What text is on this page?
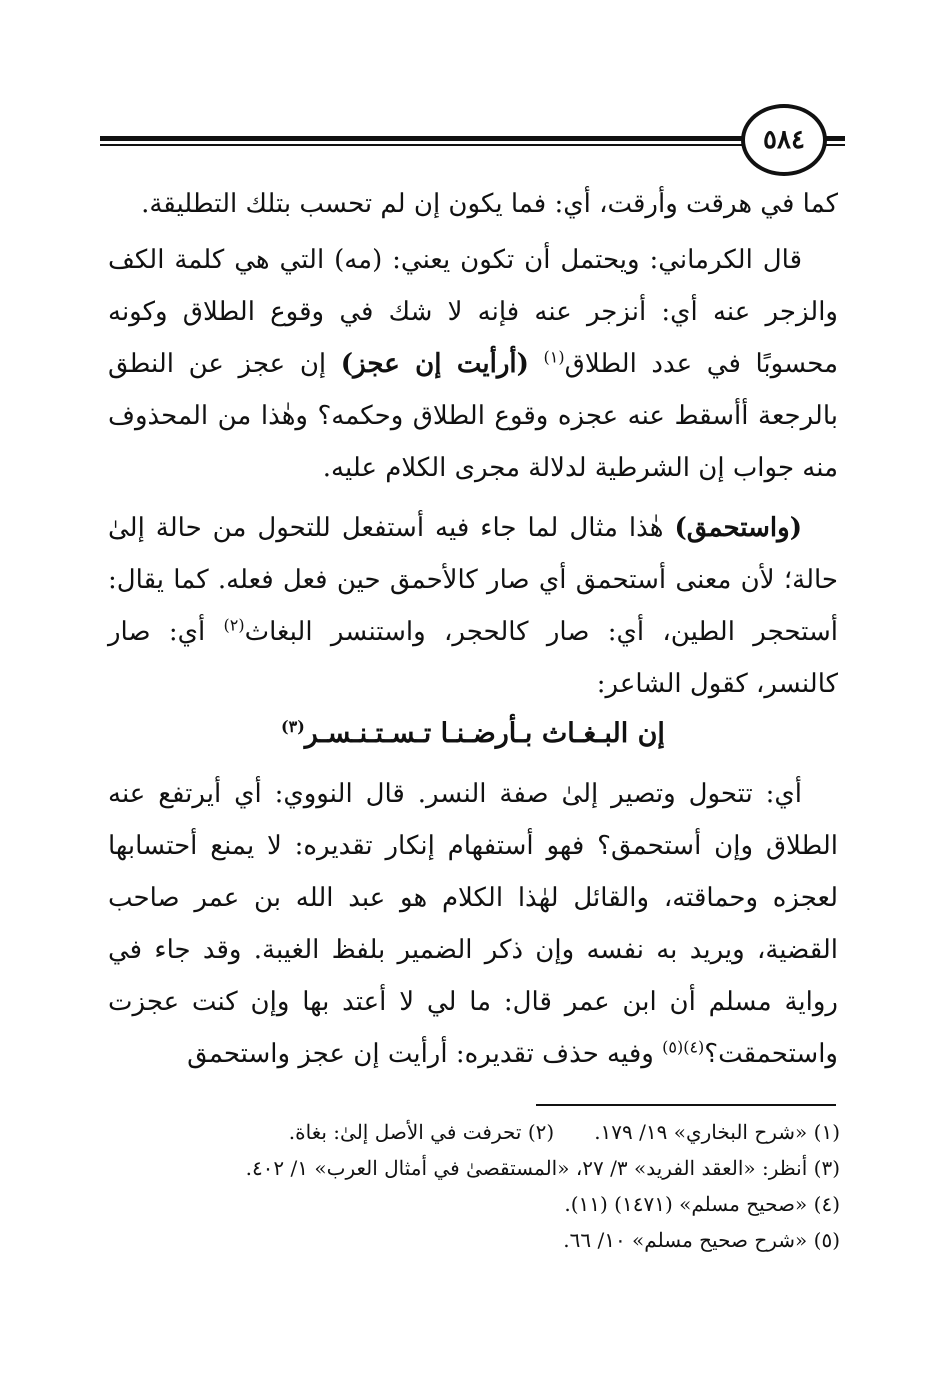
٥٨٤

كما في هرقت وأرقت، أي: فما يكون إن لم تحسب بتلك التطليقة.

قال الكرماني: ويحتمل أن تكون يعني: (مه) التي هي كلمة الكف والزجر عنه أي: أنزجر عنه فإنه لا شك في وقوع الطلاق وكونه محسوبًا في عدد الطلاق$^{(١)}$ (أرأيت إن عجز) إن عجز عن النطق بالرجعة أأسقط عنه عجزه وقوع الطلاق وحكمه؟ وهٰذا من المحذوف منه جواب إن الشرطية لدلالة مجرى الكلام عليه.

(واستحمق) هٰذا مثال لما جاء فيه أستفعل للتحول من حالة إلىٰ حالة؛ لأن معنى أستحمق أي صار كالأحمق حين فعل فعله. كما يقال: أستحجر الطين، أي: صار كالحجر، واستنسر البغاث$^{(٢)}$ أي: صار كالنسر، كقول الشاعر:

إن البـغـاث بـأرضـنـا تـسـتـنـسـر$^{(٣)}$

أي: تتحول وتصير إلىٰ صفة النسر. قال النووي: أي أيرتفع عنه الطلاق وإن أستحمق؟ فهو أستفهام إنكار تقديره: لا يمنع أحتسابها لعجزه وحماقته، والقائل لهٰذا الكلام هو عبد الله بن عمر صاحب القضية، ويريد به نفسه وإن ذكر الضمير بلفظ الغيبة. وقد جاء في رواية مسلم أن ابن عمر قال: ما لي لا أعتد بها وإن كنت عجزت واستحمقت؟$^{(٤)(٥)}$ وفيه حذف تقديره: أرأيت إن عجز واستحمق

(١) «شرح البخاري» ١٩/ ١٧٩.(٢) تحرفت في الأصل إلىٰ: بغاة.

(٣) أنظر: «العقد الفريد» ٣/ ٢٧، «المستقصىٰ في أمثال العرب» ١/ ٤٠٢.

(٤) «صحيح مسلم» (١٤٧١) (١١).

(٥) «شرح صحيح مسلم» ١٠/ ٦٦.
